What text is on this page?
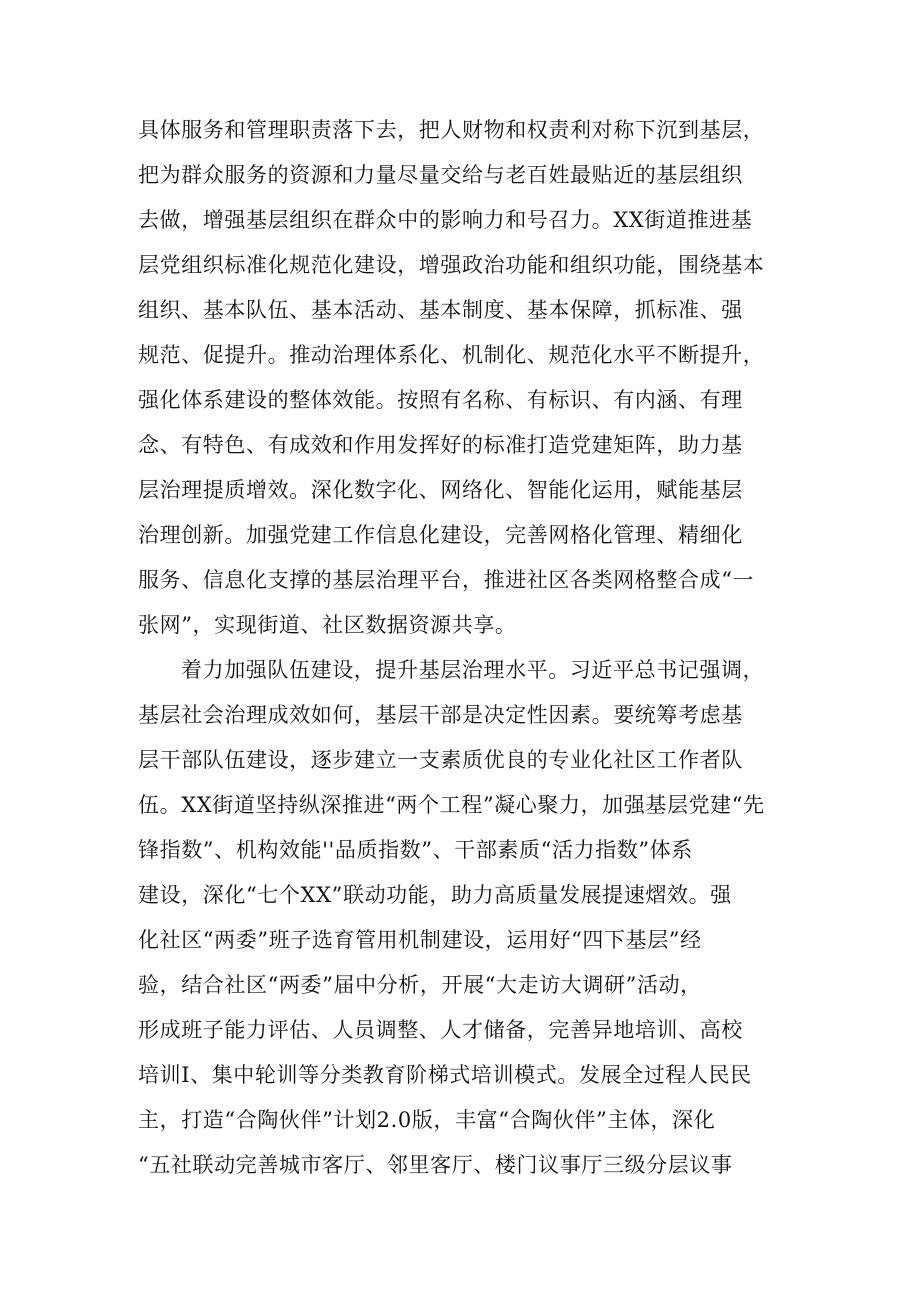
具体服务和管理职责落下去，把人财物和权责利对称下沉到基层，
把为群众服务的资源和力量尽量交给与老百姓最贴近的基层组织
去做，增强基层组织在群众中的影响力和号召力。XX街道推进基
层党组织标准化规范化建设，增强政治功能和组织功能，围绕基本
组织、基本队伍、基本活动、基本制度、基本保障，抓标准、强
规范、促提升。推动治理体系化、机制化、规范化水平不断提升，
强化体系建设的整体效能。按照有名称、有标识、有内涵、有理
念、有特色、有成效和作用发挥好的标准打造党建矩阵，助力基
层治理提质增效。深化数字化、网络化、智能化运用，赋能基层
治理创新。加强党建工作信息化建设，完善网格化管理、精细化
服务、信息化支撑的基层治理平台，推进社区各类网格整合成“一
张网”，实现街道、社区数据资源共享。
着力加强队伍建设，提升基层治理水平。习近平总书记强调，
基层社会治理成效如何，基层干部是决定性因素。要统筹考虑基
层干部队伍建设，逐步建立一支素质优良的专业化社区工作者队
伍。XX街道坚持纵深推进“两个工程”凝心聚力，加强基层党建“先
锋指数”、机构效能''品质指数”、干部素质“活力指数”体系
建设，深化“七个XX”联动功能，助力高质量发展提速熠效。强
化社区“两委”班子选育管用机制建设，运用好“四下基层”经
验，结合社区“两委”届中分析，开展“大走访大调研”活动，
形成班子能力评估、人员调整、人才储备，完善异地培训、高校
培训I、集中轮训等分类教育阶梯式培训模式。发展全过程人民民
主，打造“合陶伙伴”计划2.0版，丰富“合陶伙伴”主体，深化
“五社联动完善城市客厅、邻里客厅、楼门议事厅三级分层议事
